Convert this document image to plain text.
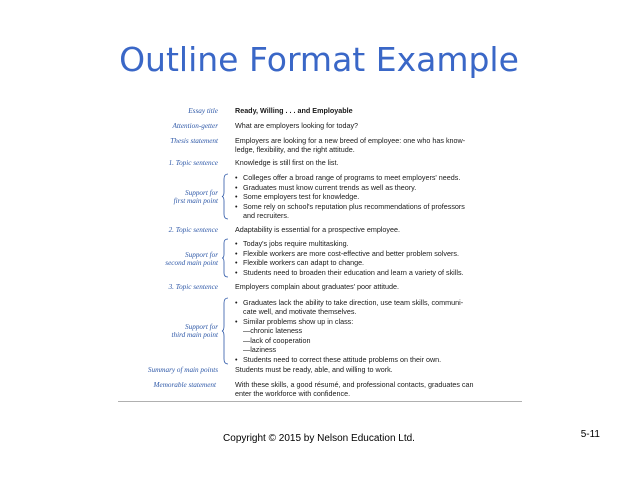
Outline Format Example
Essay title Ready, Willing . . . and Employable
Attention-getter What are employers looking for today?
Thesis statement Employers are looking for a new breed of employee: one who has know-
ledge, flexibility, and the right attitude.
1. Topic sentence Knowledge is still first on the list.
Support for
first main point
• Colleges offer a broad range of programs to meet employers' needs.
• Graduates must know current trends as well as theory.
• Some employers test for knowledge.
• Some rely on school's reputation plus recommendations of professors
and recruiters.
2. Topic sentence Adaptability is essential for a prospective employee.
Support for
second main point
• Today's jobs require multitasking.
• Flexible workers are more cost-effective and better problem solvers.
• Flexible workers can adapt to change.
• Students need to broaden their education and learn a variety of skills.
3. Topic sentence Employers complain about graduates' poor attitude.
Support for
third main point
• Graduates lack the ability to take direction, use team skills, communi-
cate well, and motivate themselves.
• Similar problems show up in class:
—chronic lateness
—lack of cooperation
—laziness
• Students need to correct these attitude problems on their own.
Summary of main points Students must be ready, able, and willing to work.
Memorable statement	With these skills, a good résumé, and professional contacts, graduates can
enter the workforce with confidence.
Copyright © 2015 by Nelson Education Ltd.	5-11
